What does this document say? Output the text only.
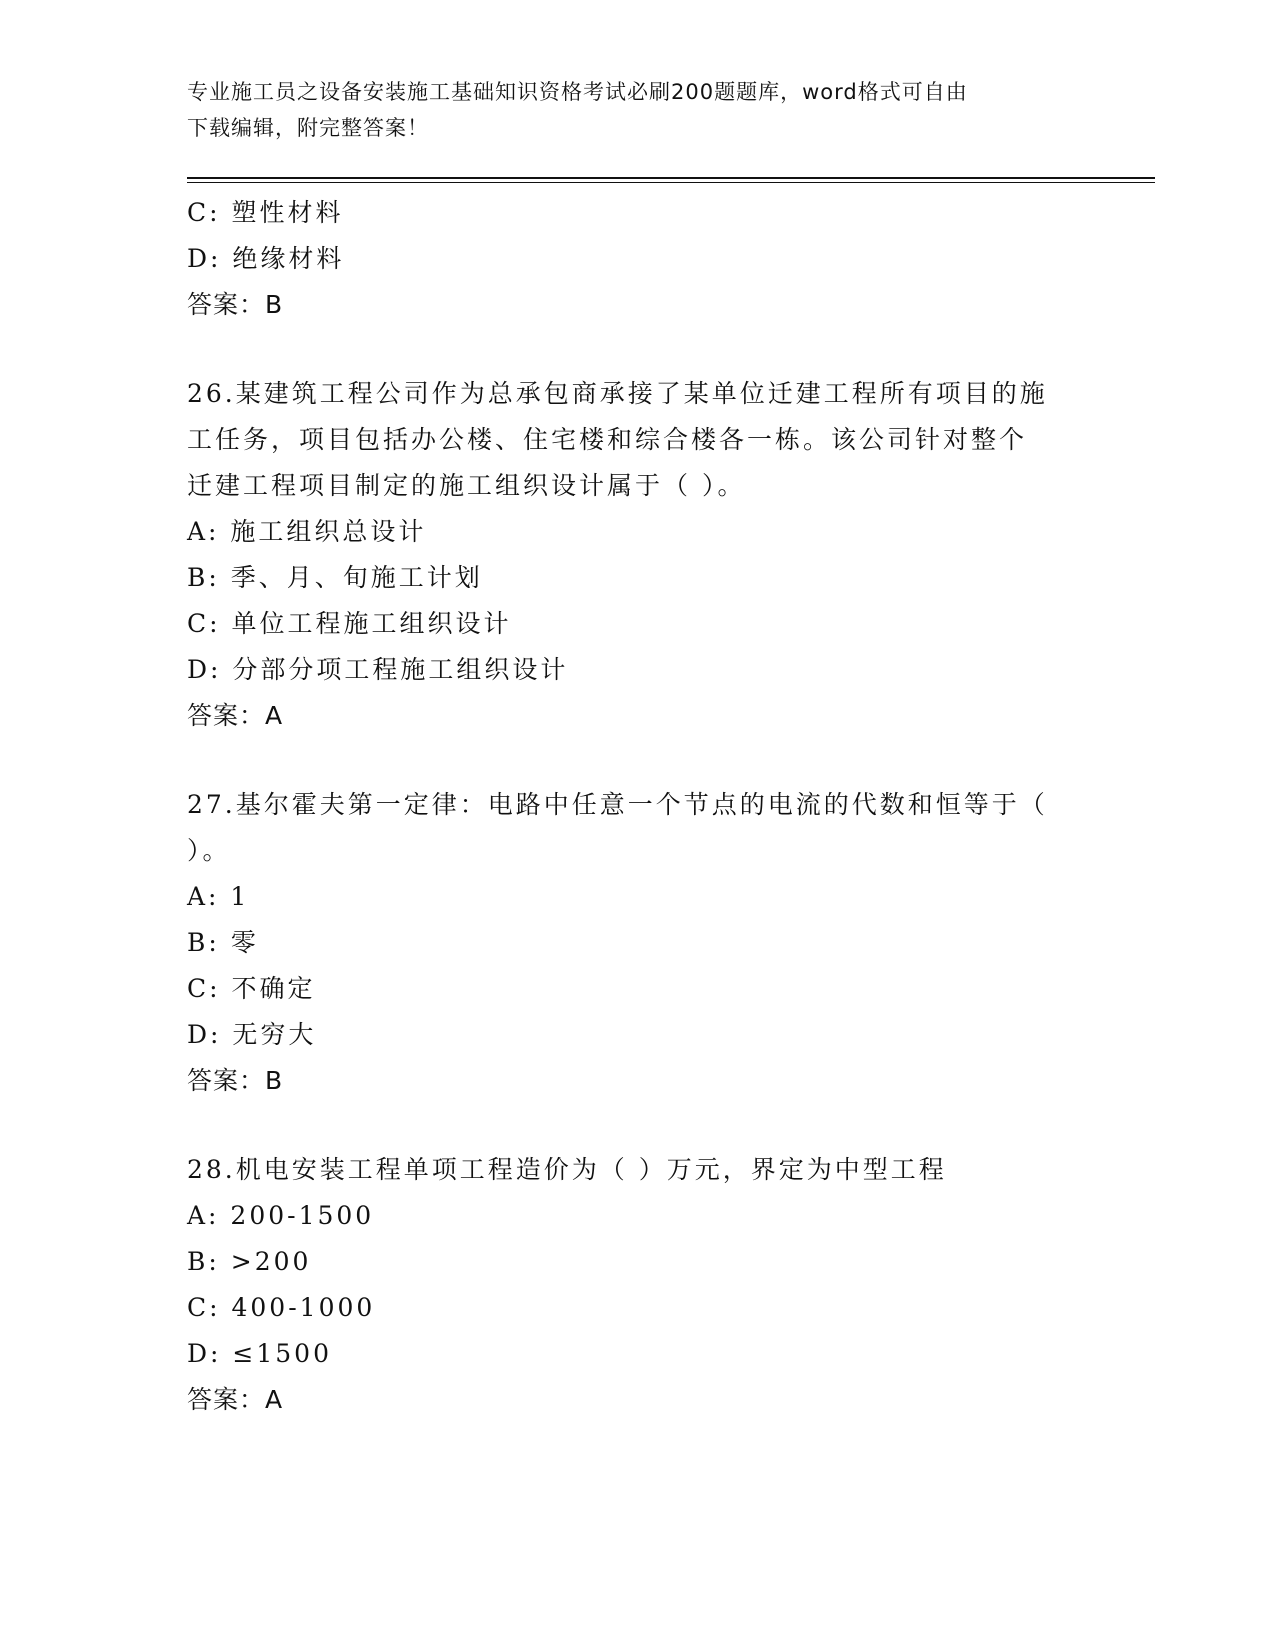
专业施工员之设备安装施工基础知识资格考试必刷200题题库，word格式可自由
下载编辑，附完整答案！
C: 塑性材料
D: 绝缘材料
答案：B
26.某建筑工程公司作为总承包商承接了某单位迁建工程所有项目的施
工任务，项目包括办公楼、住宅楼和综合楼各一栋。该公司针对整个
迁建工程项目制定的施工组织设计属于（ ）。
A: 施工组织总设计
B: 季、月、旬施工计划
C: 单位工程施工组织设计
D: 分部分项工程施工组织设计
答案：A
27.基尔霍夫第一定律：电路中任意一个节点的电流的代数和恒等于（
）。
A: 1
B: 零
C: 不确定
D: 无穷大
答案：B
28.机电安装工程单项工程造价为（ ）万元，界定为中型工程
A: 200-1500
B: >200
C: 400-1000
D: ≤1500
答案：A
